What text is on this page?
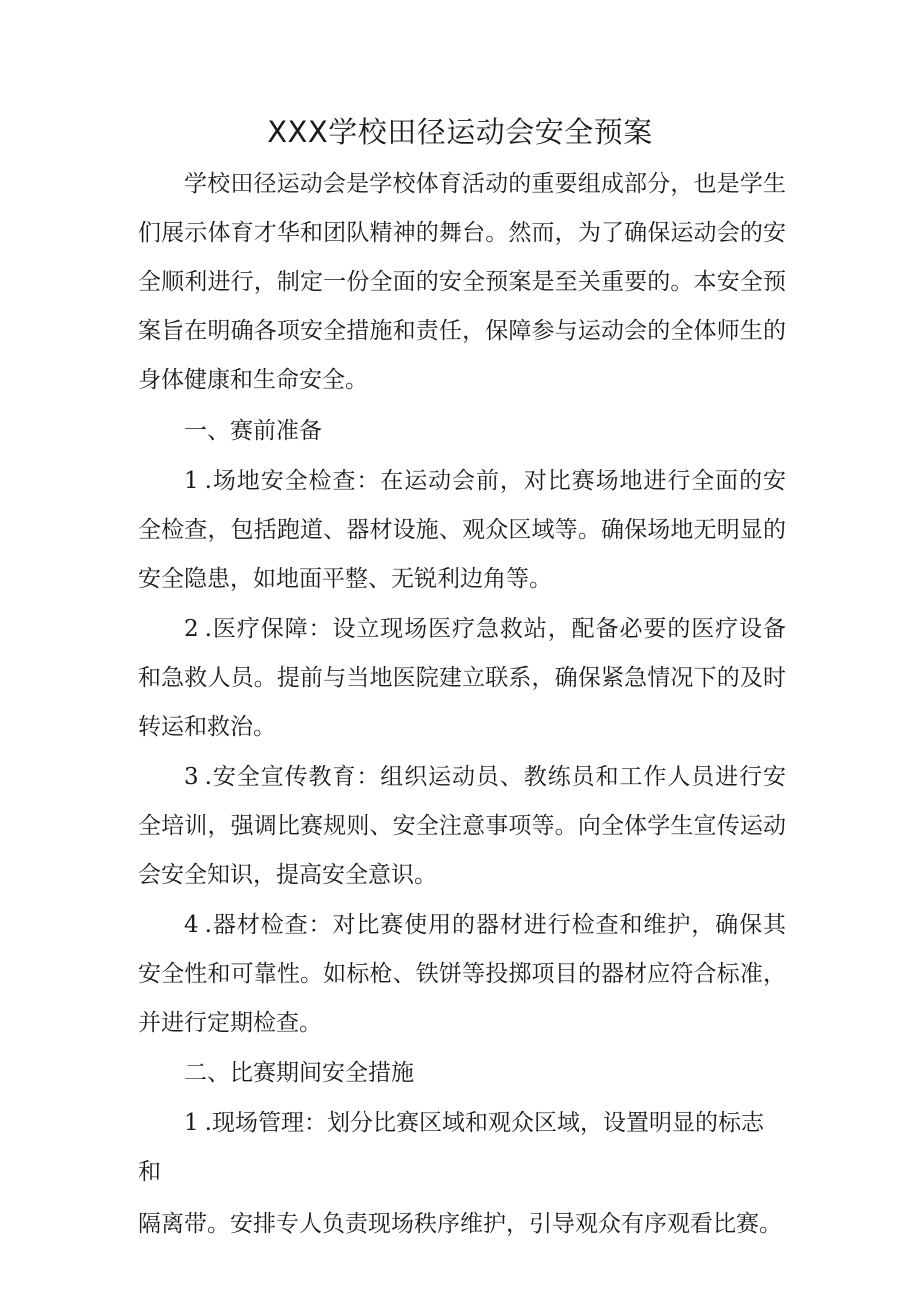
XXX学校田径运动会安全预案

学校田径运动会是学校体育活动的重要组成部分，也是学生们展示体育才华和团队精神的舞台。然而，为了确保运动会的安全顺利进行，制定一份全面的安全预案是至关重要的。本安全预案旨在明确各项安全措施和责任，保障参与运动会的全体师生的身体健康和生命安全。

一、赛前准备

1 .场地安全检查：在运动会前，对比赛场地进行全面的安全检查，包括跑道、器材设施、观众区域等。确保场地无明显的安全隐患，如地面平整、无锐利边角等。

2 .医疗保障：设立现场医疗急救站，配备必要的医疗设备和急救人员。提前与当地医院建立联系，确保紧急情况下的及时转运和救治。

3 .安全宣传教育：组织运动员、教练员和工作人员进行安全培训，强调比赛规则、安全注意事项等。向全体学生宣传运动会安全知识，提高安全意识。

4 .器材检查：对比赛使用的器材进行检查和维护，确保其安全性和可靠性。如标枪、铁饼等投掷项目的器材应符合标准，并进行定期检查。

二、比赛期间安全措施

1 .现场管理：划分比赛区域和观众区域，设置明显的标志和

隔离带。安排专人负责现场秩序维护，引导观众有序观看比赛。
